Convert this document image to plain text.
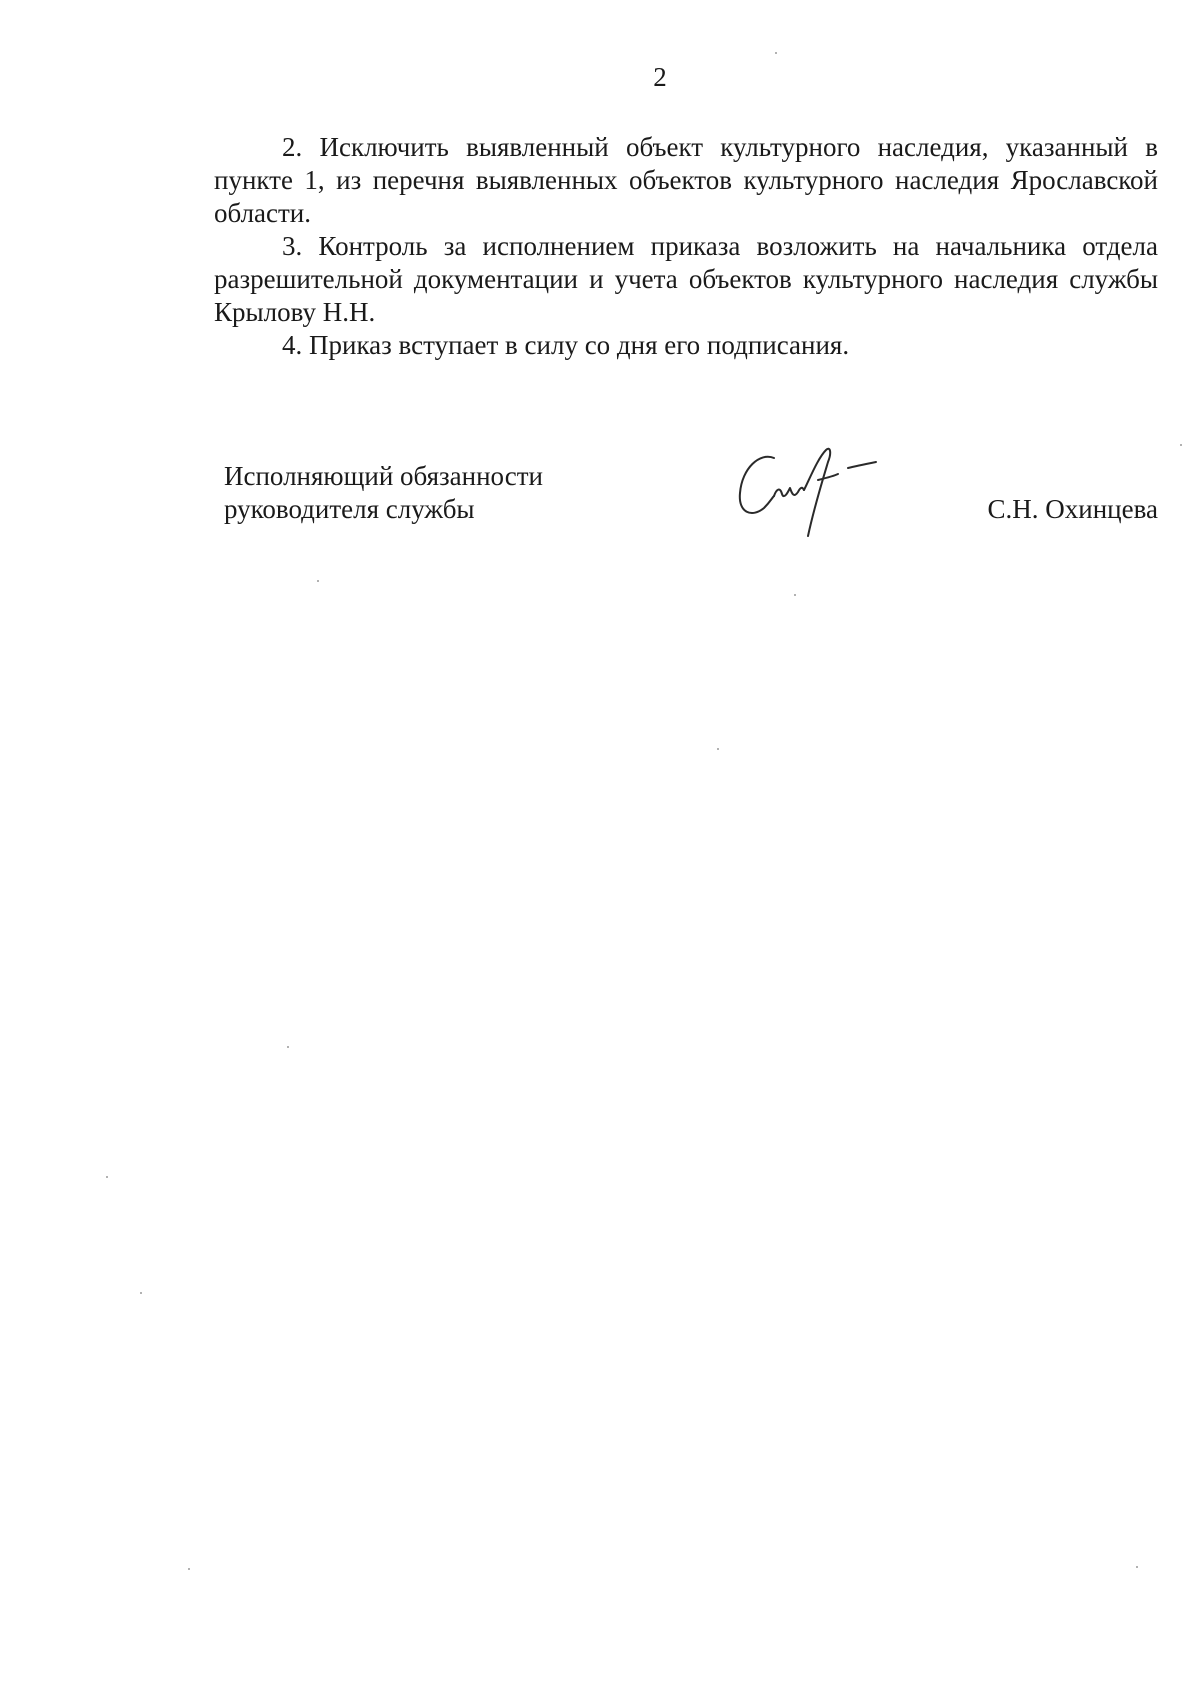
2

2. Исключить выявленный объект культурного наследия, указанный в пункте 1, из перечня выявленных объектов культурного наследия Ярославской области.

3. Контроль за исполнением приказа возложить на начальника отдела разрешительной документации и учета объектов культурного наследия службы Крылову Н.Н.

4. Приказ вступает в силу со дня его подписания.

Исполняющий обязанности
руководителя службы	С.Н. Охинцева
